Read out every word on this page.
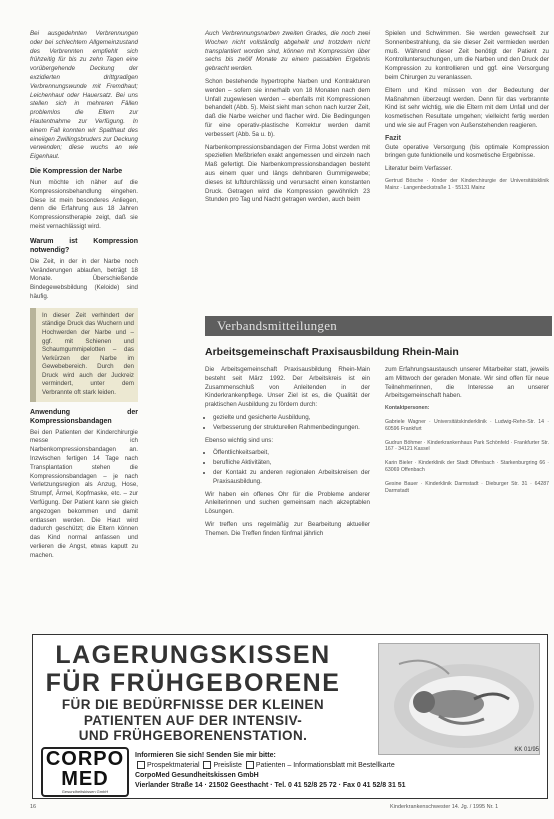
Bei ausgedehnten Verbrennungen oder bei schlechtem Allgemeinzustand des Verbrennten empfiehlt sich frühzeitig für bis zu zehn Tagen eine vorübergehende Deckung der exzidierten drittgradigen Verbrennungswunde mit Fremdhaut; Leichenhaut oder Hauersatz. Bei uns stellen sich in mehreren Fällen problemlos die Eltern zur Hautentnahme zur Verfügung. In einem Fall konnten wir Spalthaut des eineiigen Zwillingsbruders zur Deckung verwenden; diese wuchs an wie Eigenhaut.

Die Kompression der Narbe

Nun möchte ich näher auf die Kompressionsbehandlung eingehen. Diese ist mein besonderes Anliegen, denn die Erfahrung aus 18 Jahren Kompressionstherapie zeigt, daß sie meist vernachlässigt wird.

Warum ist Kompression notwendig?

Die Zeit, in der in der Narbe noch Veränderungen ablaufen, beträgt 18 Monate. Überschießende Bindegewebsbildung (Keloide) sind häufig.

In dieser Zeit verhindert der ständige Druck das Wuchern und Hochwerden der Narbe und – ggf. mit Schienen und Schaumgummipelotten – das Verkürzen der Narbe im Gewebebereich. Durch den Druck wird auch der Juckreiz vermindert, unter dem Verbrannte oft stark leiden.
Anwendung der Kompressionsbandagen

Bei den Patienten der Kinderchirurgie messe ich Narbenkompressionsbandagen an. Inzwischen fertigen 14 Tage nach Transplantation stehen die Kompressionsbandagen – je nach Verletzungsregion als Anzug, Hose, Strumpf, Ärmel, Kopfmaske, etc. – zur Verfügung. Der Patient kann sie gleich angezogen bekommen und damit entlassen werden. Die Haut wird dadurch geschützt; die Eltern können das Kind normal anfassen und verlieren die Angst, etwas kaputt zu machen.

Auch Verbrennungsnarben zweiten Grades, die noch zwei Wochen nicht vollständig abgeheilt und trotzdem nicht transplantiert worden sind, können mit Kompression über sechs bis zwölf Monate zu einem passablen Ergebnis gebracht werden.

Schon bestehende hypertrophe Narben und Kontrakturen werden – sofern sie innerhalb von 18 Monaten nach dem Unfall zugewiesen werden – ebenfalls mit Kompressionen behandelt (Abb. 5). Meist sieht man schon nach kurzer Zeit, daß die Narbe weicher und flacher wird. Die Bedingungen für eine operativ-plastische Korrektur werden damit verbessert (Abb. 5a u. b).

Narbenkompressionsbandagen der Firma Jobst werden mit speziellen Meßbriefen exakt angemessen und einzeln nach Maß gefertigt. Die Narbenkompressionsbandagen besteht aus einem quer und längs dehnbaren Gummigewebe; dieses ist luftdurchlässig und verursacht einen konstanten Druck. Getragen wird die Kompression gewöhnlich 23 Stunden pro Tag und Nacht getragen werden, auch beim

Spielen und Schwimmen. Sie werden gewechselt zur Sonnenbestrahlung, da sie dieser Zeit vermieden werden muß. Während dieser Zeit benötigt der Patient zu Kontrolluntersuchungen, um die Narben und den Druck der Kompression zu kontrollieren und ggf. eine Versorgung beim Chirurgen zu veranlassen.

Eltern und Kind müssen von der Bedeutung der Maßnahmen überzeugt werden. Denn für das verbrannte Kind ist sehr wichtig, wie die Eltern mit dem Unfall und der kosmetischen Resultate umgehen; vielleicht fertig werden und wie sie auf Fragen von Außenstehenden reagieren.

Fazit

Gute operative Versorgung (bis optimale Kompression bringen gute funktionelle und kosmetische Ergebnisse.

Literatur beim Verfasser.

Gertrud Bösche · Kinder der Kinderchirurgie der Universitätsklinik Mainz · Langenbeckstraße 1 · 55131 Mainz
Verbandsmitteilungen
Arbeitsgemeinschaft Praxisausbildung Rhein-Main

Die Arbeitsgemeinschaft Praxisausbildung Rhein-Main besteht seit März 1992. Der Arbeitskreis ist ein Zusammenschluß von Anleitenden in der Kinderkrankenpflege. Unser Ziel ist es, die Qualität der praktischen Ausbildung zu fördern durch:

• gezielte und gesicherte Ausbildung,
• Verbesserung der strukturellen Rahmenbedingungen.

Ebenso wichtig sind uns:

• Öffentlichkeitsarbeit,
• berufliche Aktivitäten,
• der Kontakt zu anderen regionalen Arbeitskreisen der Praxisausbildung.

Wir haben ein offenes Ohr für die Probleme anderer Anleiterinnen und suchen gemeinsam nach akzeptablen Lösungen.

Wir treffen uns regelmäßig zur Bearbeitung aktueller Themen. Die Treffen finden fünfmal jährlich

zum Erfahrungsaustausch unserer Mitarbeiter statt, jeweils am Mittwoch der geraden Monate. Wir sind offen für neue Teilnehmerinnen, die Interesse an unserer Arbeitsgemeinschaft haben.

Kontaktpersonen:
Gabriele Wagner · Universitätskinderklinik · Ludwig-Rehn-Str. 14 · 60596 Frankfurt
Gudrun Böhmer · Kinderkrankenhaus Park Schönfeld · Frankfurter Str. 167 · 34121 Kassel
Karin Bieler · Kinderklinik der Stadt Offenbach · Starkenburgring 66 · 63069 Offenbach
Gesine Bauer · Kinderklinik Darmstadt · Dieburger Str. 31 · 64287 Darmstadt
LAGERUNGSKISSEN
FÜR FRÜHGEBORENE
FÜR DIE BEDÜRFNISSE DER KLEINEN
PATIENTEN AUF DER INTENSIV-
UND FRÜHGEBORENENSTATION.
CORPO
MED
Gesundheitskissen GmbH
KK 01/95
Informieren Sie sich! Senden Sie mir bitte:
Prospektmaterial Preisliste Patienten – Informationsblatt mit Bestellkarte
CorpoMed Gesundheitskissen GmbH
Vierlander Straße 14 · 21502 Geesthacht · Tel. 0 41 52/8 25 72 · Fax 0 41 52/8 31 51
16	Kinderkrankenschwester 14. Jg. / 1995 Nr. 1
